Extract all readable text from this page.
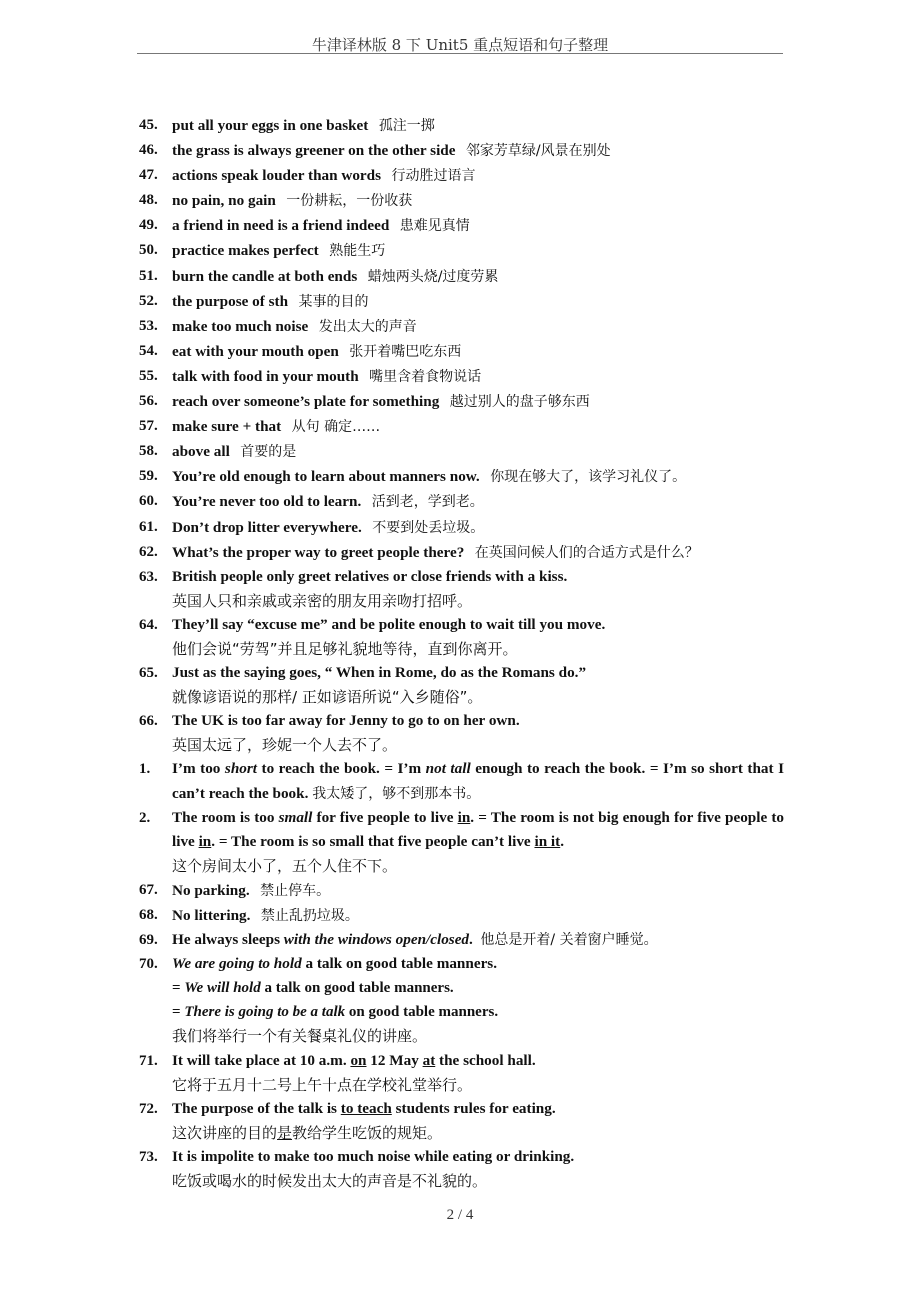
牛津译林版 8 下 Unit5 重点短语和句子整理
45. put all your eggs in one basket 孤注一掷
46. the grass is always greener on the other side 邻家芳草绿/风景在别处
47. actions speak louder than words 行动胜过语言
48. no pain, no gain 一份耕耘，一份收获
49. a friend in need is a friend indeed 患难见真情
50. practice makes perfect 熟能生巧
51. burn the candle at both ends 蜡烛两头烧/过度劳累
52. the purpose of sth 某事的目的
53. make too much noise 发出太大的声音
54. eat with your mouth open 张开着嘴巴吃东西
55. talk with food in your mouth 嘴里含着食物说话
56. reach over someone’s plate for something 越过别人的盘子够东西
57. make sure + that 从句 确定……
58. above all 首要的是
59. You’re old enough to learn about manners now. 你现在够大了，该学习礼仪了。
60. You’re never too old to learn. 活到老，学到老。
61. Don’t drop litter everywhere. 不要到处丢垃圾。
62. What’s the proper way to greet people there? 在英国问候人们的合适方式是什么？
63. British people only greet relatives or close friends with a kiss.
英国人只和亲戚或亲密的朋友用亲吻打招呼。
64. They’ll say “excuse me” and be polite enough to wait till you move.
他们会说“劳驾”并且足够礼貌地等待，直到你离开。
65. Just as the saying goes, “ When in Rome, do as the Romans do.”
就像谚语说的那样/ 正如谚语所说“入乡随俗”。
66. The UK is too far away for Jenny to go to on her own.
英国太远了，珍妮一个人去不了。
1.	I’m too short to reach the book. = I’m not tall enough to reach the book. = I’m so short that I can’t reach the book. 我太矮了，够不到那本书。
2.	The room is too small for five people to live in. = The room is not big enough for five people to live in. = The room is so small that five people can’t live in it.
这个房间太小了，五个人住不下。
67. No parking. 禁止停车。
68. No littering. 禁止乱扔垃圾。
69. He always sleeps with the windows open/closed. 他总是开着/ 关着窗户睡觉。
70. We are going to hold a talk on good table manners.
= We will hold a talk on good table manners.
= There is going to be a talk on good table manners.
我们将举行一个有关餐桌礼仪的讲座。
71. It will take place at 10 a.m. on 12 May at the school hall.
它将于五月十二号上午十点在学校礼堂举行。
72. The purpose of the talk is to teach students rules for eating.
这次讲座的目的是教给学生吃饭的规矩。
73. It is impolite to make too much noise while eating or drinking.
吃饭或喝水的时候发出太大的声音是不礼貌的。
2 / 4
